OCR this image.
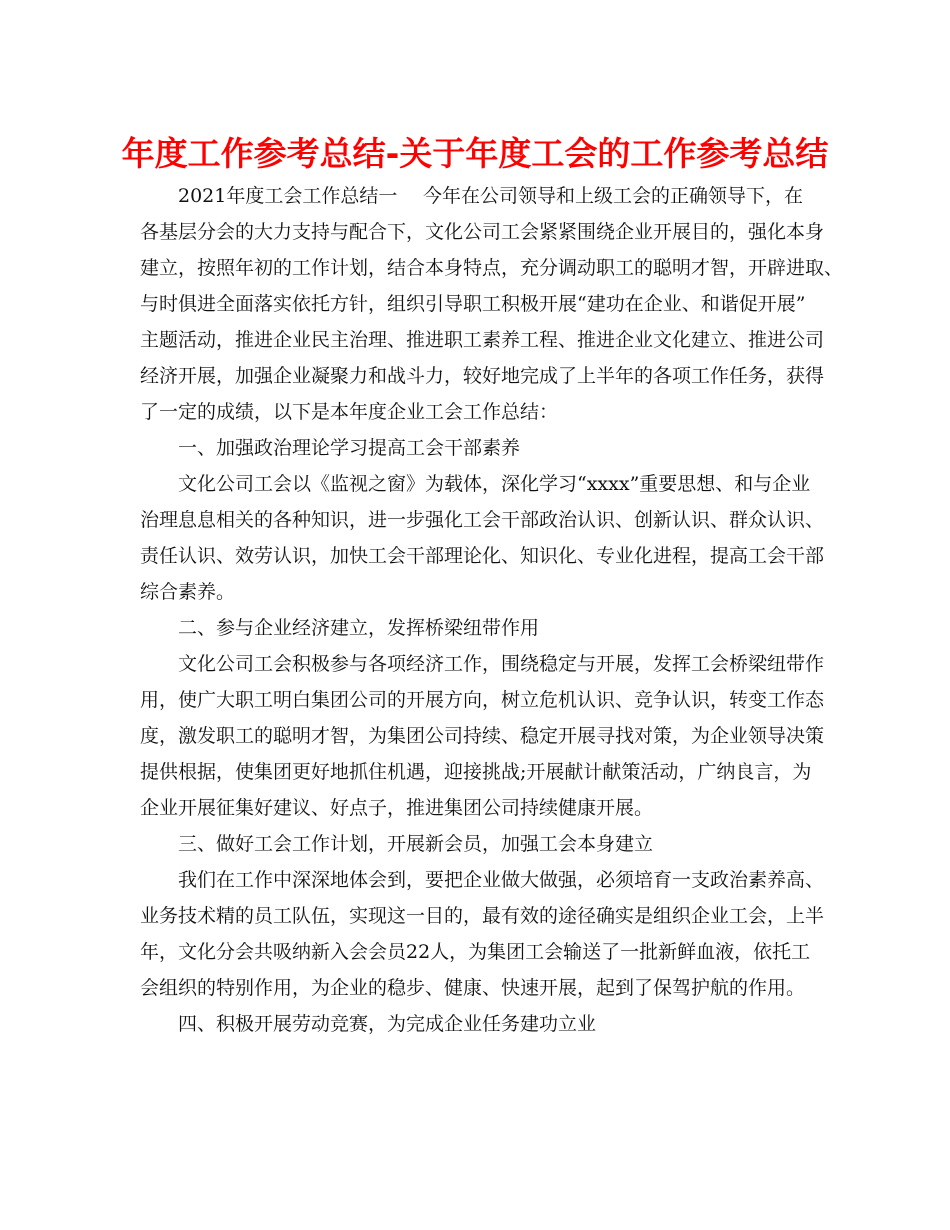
年度工作参考总结-关于年度工会的工作参考总结
2021年度工会工作总结一 今年在公司领导和上级工会的正确领导下，在
各基层分会的大力支持与配合下，文化公司工会紧紧围绕企业开展目的，强化本身
建立，按照年初的工作计划，结合本身特点，充分调动职工的聪明才智，开辟进取、
与时俱进全面落实依托方针，组织引导职工积极开展“建功在企业、和谐促开展”
主题活动，推进企业民主治理、推进职工素养工程、推进企业文化建立、推进公司
经济开展，加强企业凝聚力和战斗力，较好地完成了上半年的各项工作任务，获得
了一定的成绩，以下是本年度企业工会工作总结：
一、加强政治理论学习提高工会干部素养
文化公司工会以《监视之窗》为载体，深化学习“xxxx”重要思想、和与企业
治理息息相关的各种知识，进一步强化工会干部政治认识、创新认识、群众认识、
责任认识、效劳认识，加快工会干部理论化、知识化、专业化进程，提高工会干部
综合素养。
二、参与企业经济建立，发挥桥梁纽带作用
文化公司工会积极参与各项经济工作，围绕稳定与开展，发挥工会桥梁纽带作
用，使广大职工明白集团公司的开展方向，树立危机认识、竞争认识，转变工作态
度，激发职工的聪明才智，为集团公司持续、稳定开展寻找对策，为企业领导决策
提供根据，使集团更好地抓住机遇，迎接挑战;开展献计献策活动，广纳良言，为
企业开展征集好建议、好点子，推进集团公司持续健康开展。
三、做好工会工作计划，开展新会员，加强工会本身建立
我们在工作中深深地体会到，要把企业做大做强，必须培育一支政治素养高、
业务技术精的员工队伍，实现这一目的，最有效的途径确实是组织企业工会，上半
年，文化分会共吸纳新入会会员22人，为集团工会输送了一批新鲜血液，依托工
会组织的特别作用，为企业的稳步、健康、快速开展，起到了保驾护航的作用。
四、积极开展劳动竞赛，为完成企业任务建功立业
